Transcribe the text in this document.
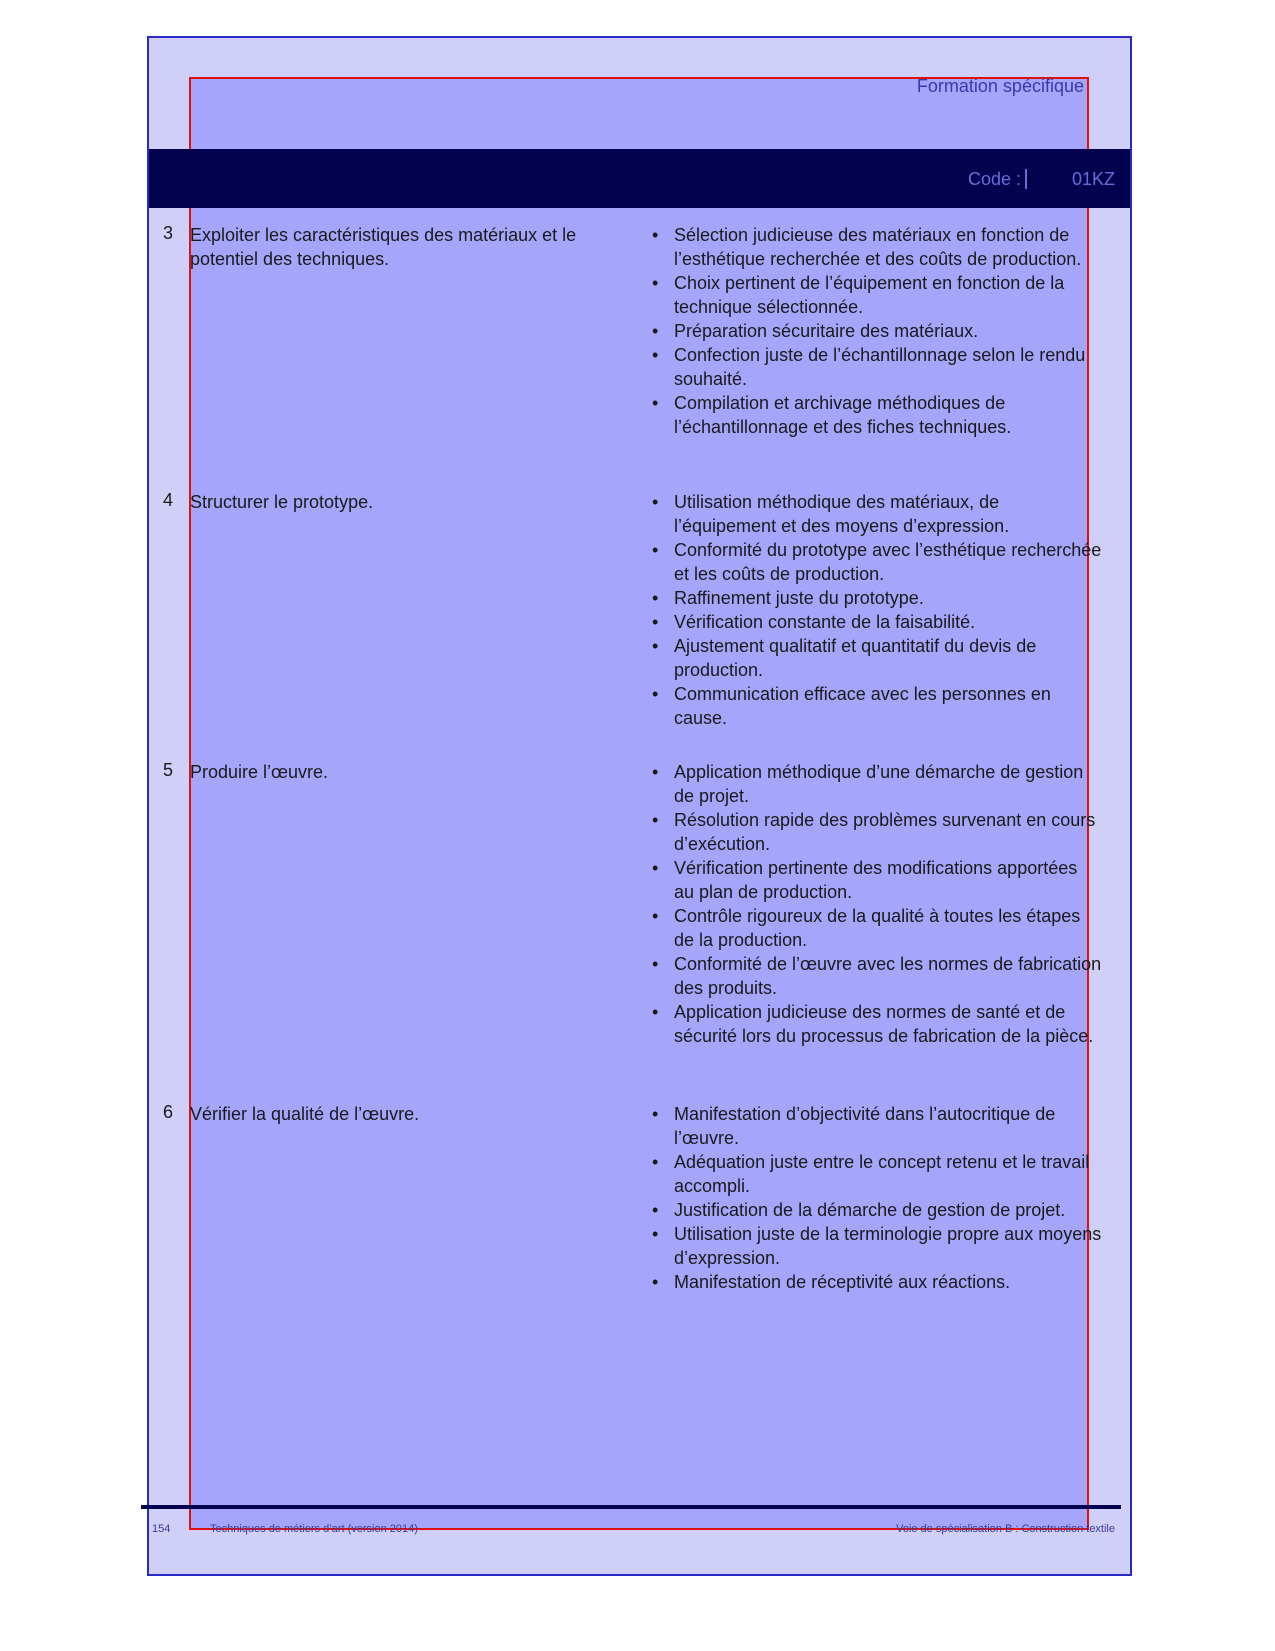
Formation spécifique
Code :	01KZ
3 Exploiter les caractéristiques des matériaux et le potentiel des techniques.
• Sélection judicieuse des matériaux en fonction de l’esthétique recherchée et des coûts de production.
• Choix pertinent de l’équipement en fonction de la technique sélectionnée.
• Préparation sécuritaire des matériaux.
• Confection juste de l’échantillonnage selon le rendu souhaité.
• Compilation et archivage méthodiques de l’échantillonnage et des fiches techniques.
4 Structurer le prototype.	• Utilisation méthodique des matériaux, de l’équipement et des moyens d’expression.
• Conformité du prototype avec l’esthétique recherchée et les coûts de production.
• Raffinement juste du prototype.
• Vérification constante de la faisabilité.
• Ajustement qualitatif et quantitatif du devis de production.
• Communication efficace avec les personnes en cause.
5 Produire l’œuvre.	• Application méthodique d’une démarche de gestion de projet.
• Résolution rapide des problèmes survenant en cours d’exécution.
• Vérification pertinente des modifications apportées au plan de production.
• Contrôle rigoureux de la qualité à toutes les étapes de la production.
• Conformité de l’œuvre avec les normes de fabrication des produits.
• Application judicieuse des normes de santé et de sécurité lors du processus de fabrication de la pièce.
6 Vérifier la qualité de l’œuvre.	• Manifestation d’objectivité dans l’autocritique de l’œuvre.
• Adéquation juste entre le concept retenu et le travail accompli.
• Justification de la démarche de gestion de projet.
• Utilisation juste de la terminologie propre aux moyens d’expression.
• Manifestation de réceptivité aux réactions.
154	Techniques de métiers d’art (version 2014)	Voie de spécialisation B : Construction textile
